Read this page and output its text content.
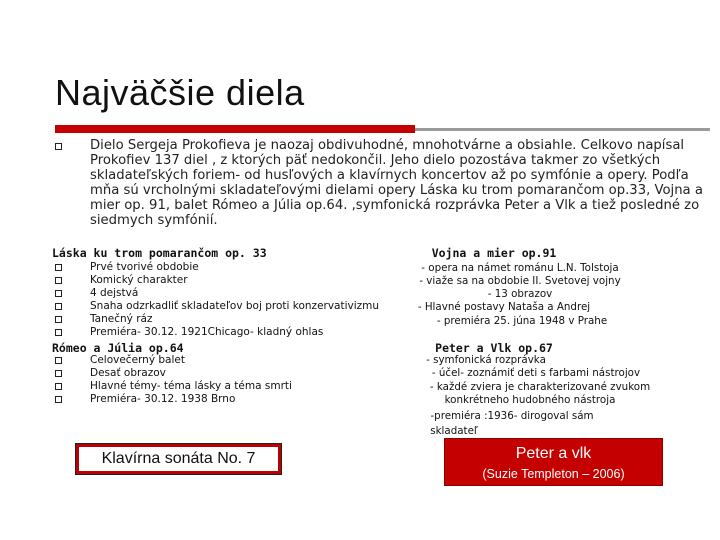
Najväčšie diela
Dielo Sergeja Prokofieva je naozaj obdivuhodné, mnohotvárne a obsiahle. Celkovo napísal Prokofiev 137 diel , z ktorých päť nedokončil. Jeho dielo pozostáva takmer zo všetkých skladateľských foriem- od husľových a klavírnych koncertov až po symfónie a opery. Podľa mňa sú vrcholnými skladateľovými dielami opery Láska ku trom pomarančom op.33, Vojna a mier op. 91, balet Rómeo a Júlia op.64. ,symfonická rozprávka Peter a Vlk a tiež posledné zo siedmych symfónií.
Láska ku trom pomarančom op. 33
Prvé tvorivé obdobie
Komický charakter
4 dejstvá
Snaha odzrkadliť skladateľov boj proti konzervativizmu
Tanečný ráz
Premiéra- 30.12. 1921Chicago- kladný ohlas
Rómeo a Júlia op.64
Celovečerný balet
Desať obrazov
Hlavné témy- téma lásky a téma smrti
Premiéra- 30.12. 1938 Brno
Vojna a mier op.91
- opera na námet románu L.N. Tolstoja
- viaže sa na obdobie II. Svetovej vojny
- 13 obrazov
- Hlavné postavy Nataša a Andrej
- premiéra 25. júna 1948 v Prahe
Peter a Vlk op.67
- symfonická rozprávka
- účel- zoznámiť deti s farbami nástrojov
- každé zviera je charakterizované zvukom
konkrétneho hudobného nástroja
-premiéra :1936- dirogoval sám
skladateľ
Klavírna sonáta No. 7	Peter a vlk
(Suzie Templeton – 2006)
